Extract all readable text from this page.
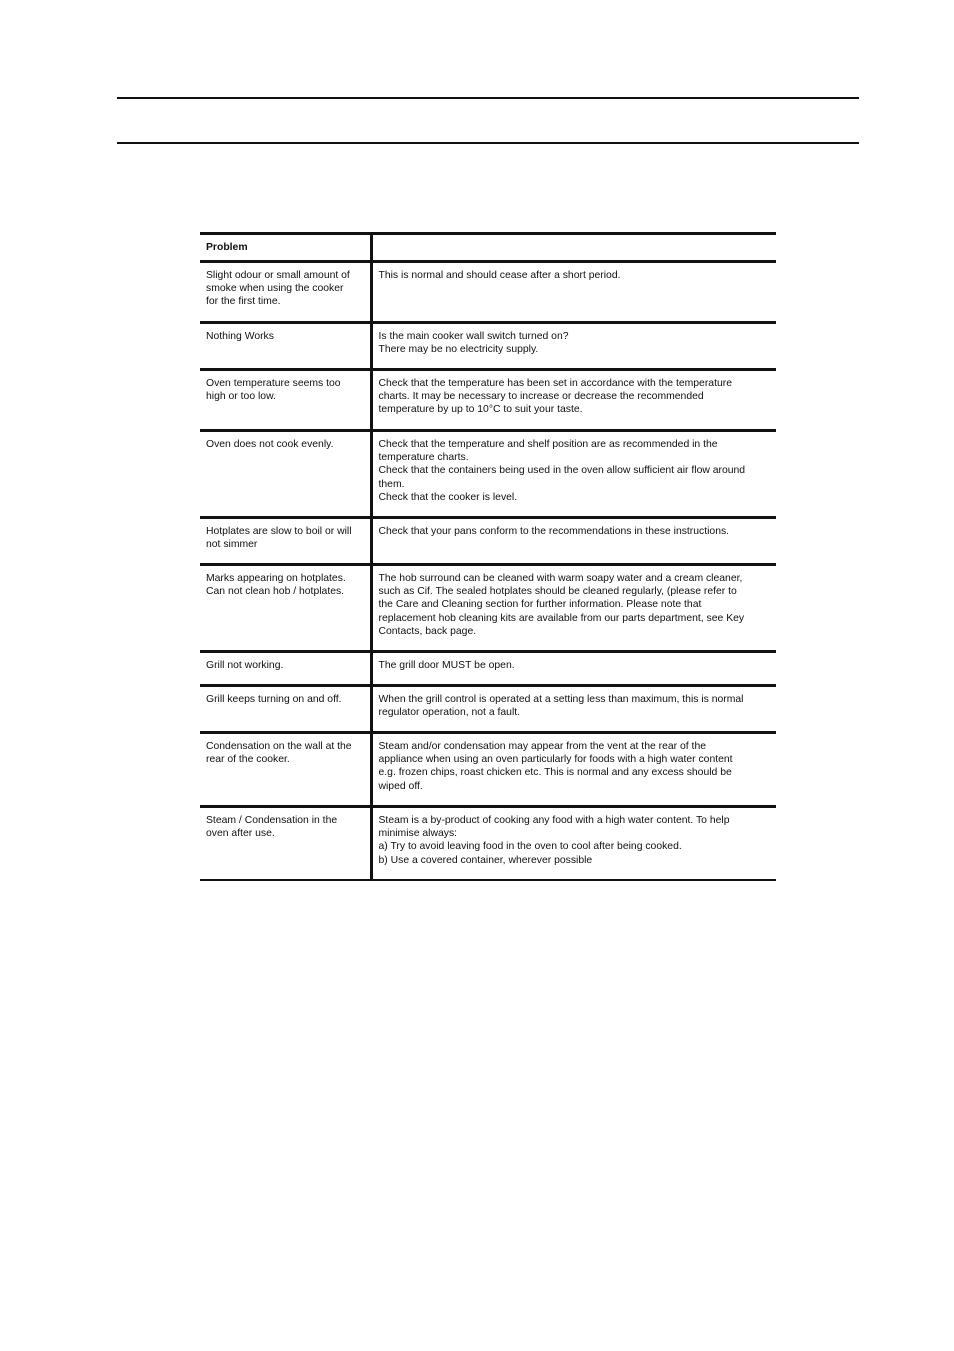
Problem	

Slight odour or small amount of
smoke when using the cooker
for the first time.	This is normal and should cease after a short period.

Nothing Works	Is the main cooker wall switch turned on?
There may be no electricity supply.

Oven temperature seems too
high or too low.	Check that the temperature has been set in accordance with the temperature
charts. It may be necessary to increase or decrease the recommended
temperature by up to 10°C to suit your taste.

Oven does not cook evenly.	Check that the temperature and shelf position are as recommended in the
temperature charts.
Check that the containers being used in the oven allow sufficient air flow around
them.
Check that the cooker is level.

Hotplates are slow to boil or will
not simmer	Check that your pans conform to the recommendations in these instructions.

Marks appearing on hotplates.
Can not clean hob / hotplates.	The hob surround can be cleaned with warm soapy water and a cream cleaner,
such as Cif. The sealed hotplates should be cleaned regularly, (please refer to
the Care and Cleaning section for further information. Please note that
replacement hob cleaning kits are available from our parts department, see Key
Contacts, back page.

Grill not working.	The grill door MUST be open.

Grill keeps turning on and off.	When the grill control is operated at a setting less than maximum, this is normal
regulator operation, not a fault.

Condensation on the wall at the
rear of the cooker.	Steam and/or condensation may appear from the vent at the rear of the
appliance when using an oven particularly for foods with a high water content
e.g. frozen chips, roast chicken etc. This is normal and any excess should be
wiped off.

Steam / Condensation in the
oven after use.	Steam is a by-product of cooking any food with a high water content. To help
minimise always:
a) Try to avoid leaving food in the oven to cool after being cooked.
b) Use a covered container, wherever possible
